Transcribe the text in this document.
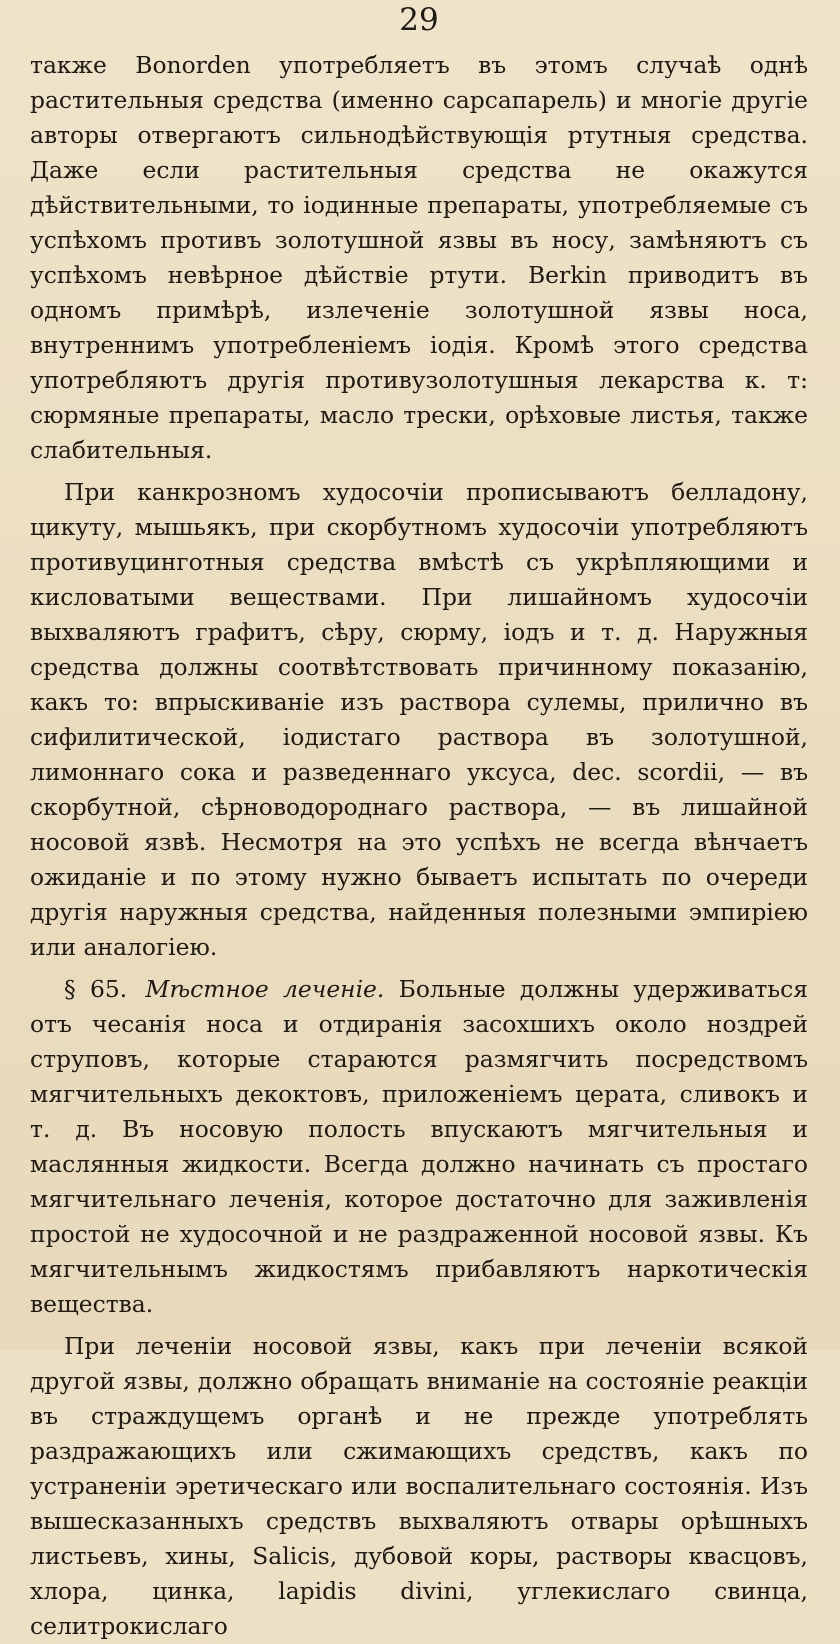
29

также Bonorden употребляетъ въ этомъ случаѣ однѣ растительныя средства (именно сарсапарель) и многіе другіе авторы отвергаютъ сильнодѣйствующія ртутныя средства. Даже если растительныя средства не окажутся дѣйствительными, то іодинные препараты, употребляемые съ успѣхомъ противъ золотушной язвы въ носу, замѣняютъ съ успѣхомъ невѣрное дѣйствіе ртути. Berkin приводитъ въ одномъ примѣрѣ, излеченіе золотушной язвы носа, внутреннимъ употребленіемъ іодія. Кромѣ этого средства употребляютъ другія противузолотушныя лекарства к. т: сюрмяные препараты, масло трески, орѣховые листья, также слабительныя.

При канкрозномъ худосочіи прописываютъ белладону, цикуту, мышьякъ, при скорбутномъ худосочіи употребляютъ противуцинготныя средства вмѣстѣ съ укрѣпляющими и кисловатыми веществами. При лишайномъ худосочіи выхваляютъ графитъ, сѣру, сюрму, іодъ и т. д. Наружныя средства должны соотвѣтствовать причинному показанію, какъ то: впрыскиваніе изъ раствора сулемы, прилично въ сифилитической, іодистаго раствора въ золотушной, лимоннаго сока и разведеннаго уксуса, dec. scordii, — въ скорбутной, сѣрноводороднаго раствора, — въ лишайной носовой язвѣ. Несмотря на это успѣхъ не всегда вѣнчаетъ ожиданіе и по этому нужно бываетъ испытать по очереди другія наружныя средства, найденныя полезными эмпиріею или аналогіею.

§ 65. Мѣстное леченіе. Больные должны удерживаться отъ чесанія носа и отдиранія засохшихъ около ноздрей струповъ, которые стараются размягчить посредствомъ мягчительныхъ декоктовъ, приложеніемъ церата, сливокъ и т. д. Въ носовую полость впускаютъ мягчительныя и маслянныя жидкости. Всегда должно начинать съ простаго мягчительнаго леченія, которое достаточно для заживленія простой не худосочной и не раздраженной носовой язвы. Къ мягчительнымъ жидкостямъ прибавляютъ наркотическія вещества.

При леченіи носовой язвы, какъ при леченіи всякой другой язвы, должно обращать вниманіе на состояніе реакціи въ страждущемъ органѣ и не прежде употреблять раздражающихъ или сжимающихъ средствъ, какъ по устраненіи эретическаго или воспалительнаго состоянія. Изъ вышесказанныхъ средствъ выхваляютъ отвары орѣшныхъ листьевъ, хины, Salicis, дубовой коры, растворы квасцовъ, хлора, цинка, lapidis divini, углекислаго свинца, селитрокислаго
